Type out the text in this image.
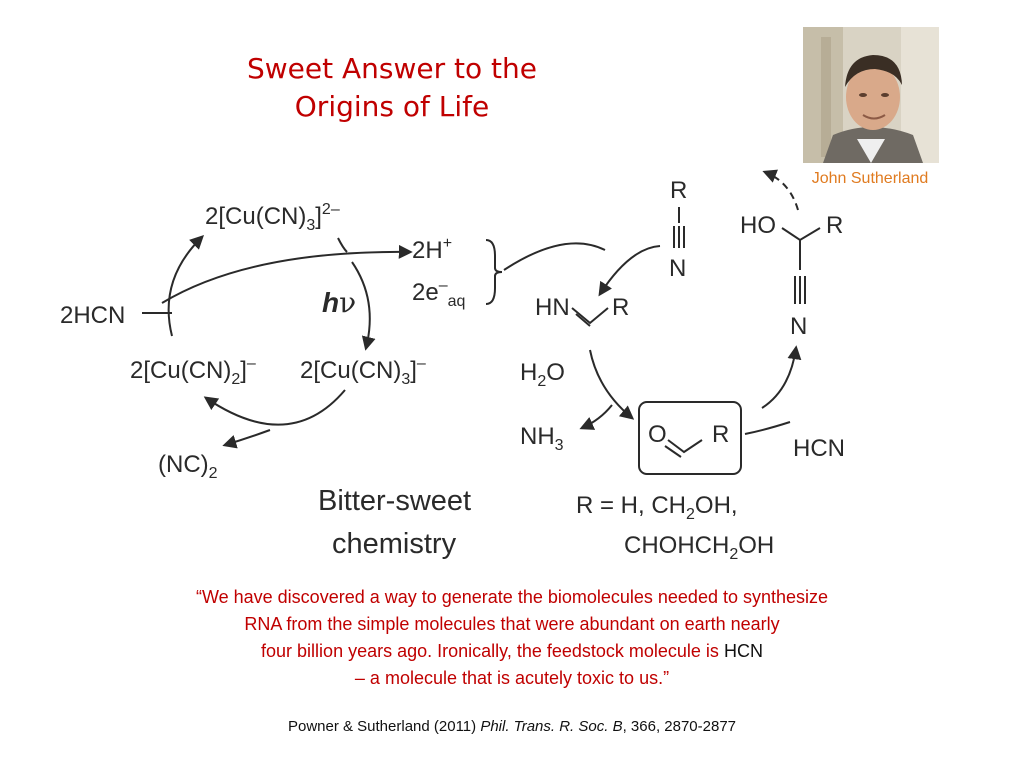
Sweet Answer to the
Origins of Life
John Sutherland
$2[Cu(CN)_3]^{2-}$
2H+
$2e^-_{aq}$
hν
2HCN
$2[Cu(CN)_2]^-$ $2[Cu(CN)_3]^-$
$(NC)_2$
Bitter-sweet
chemistry
R
N
HN R
$H_2O$
$NH_3$	O R
HCN
HO R
N
R = H, $CH_2OH$,
$CHOHCH_2OH$
“We have discovered a way to generate the biomolecules needed to synthesize
RNA from the simple molecules that were abundant on earth nearly
four billion years ago. Ironically, the feedstock molecule is HCN
– a molecule that is acutely toxic to us.”
Powner & Sutherland (2011) Phil. Trans. R. Soc. B, 366, 2870-2877
